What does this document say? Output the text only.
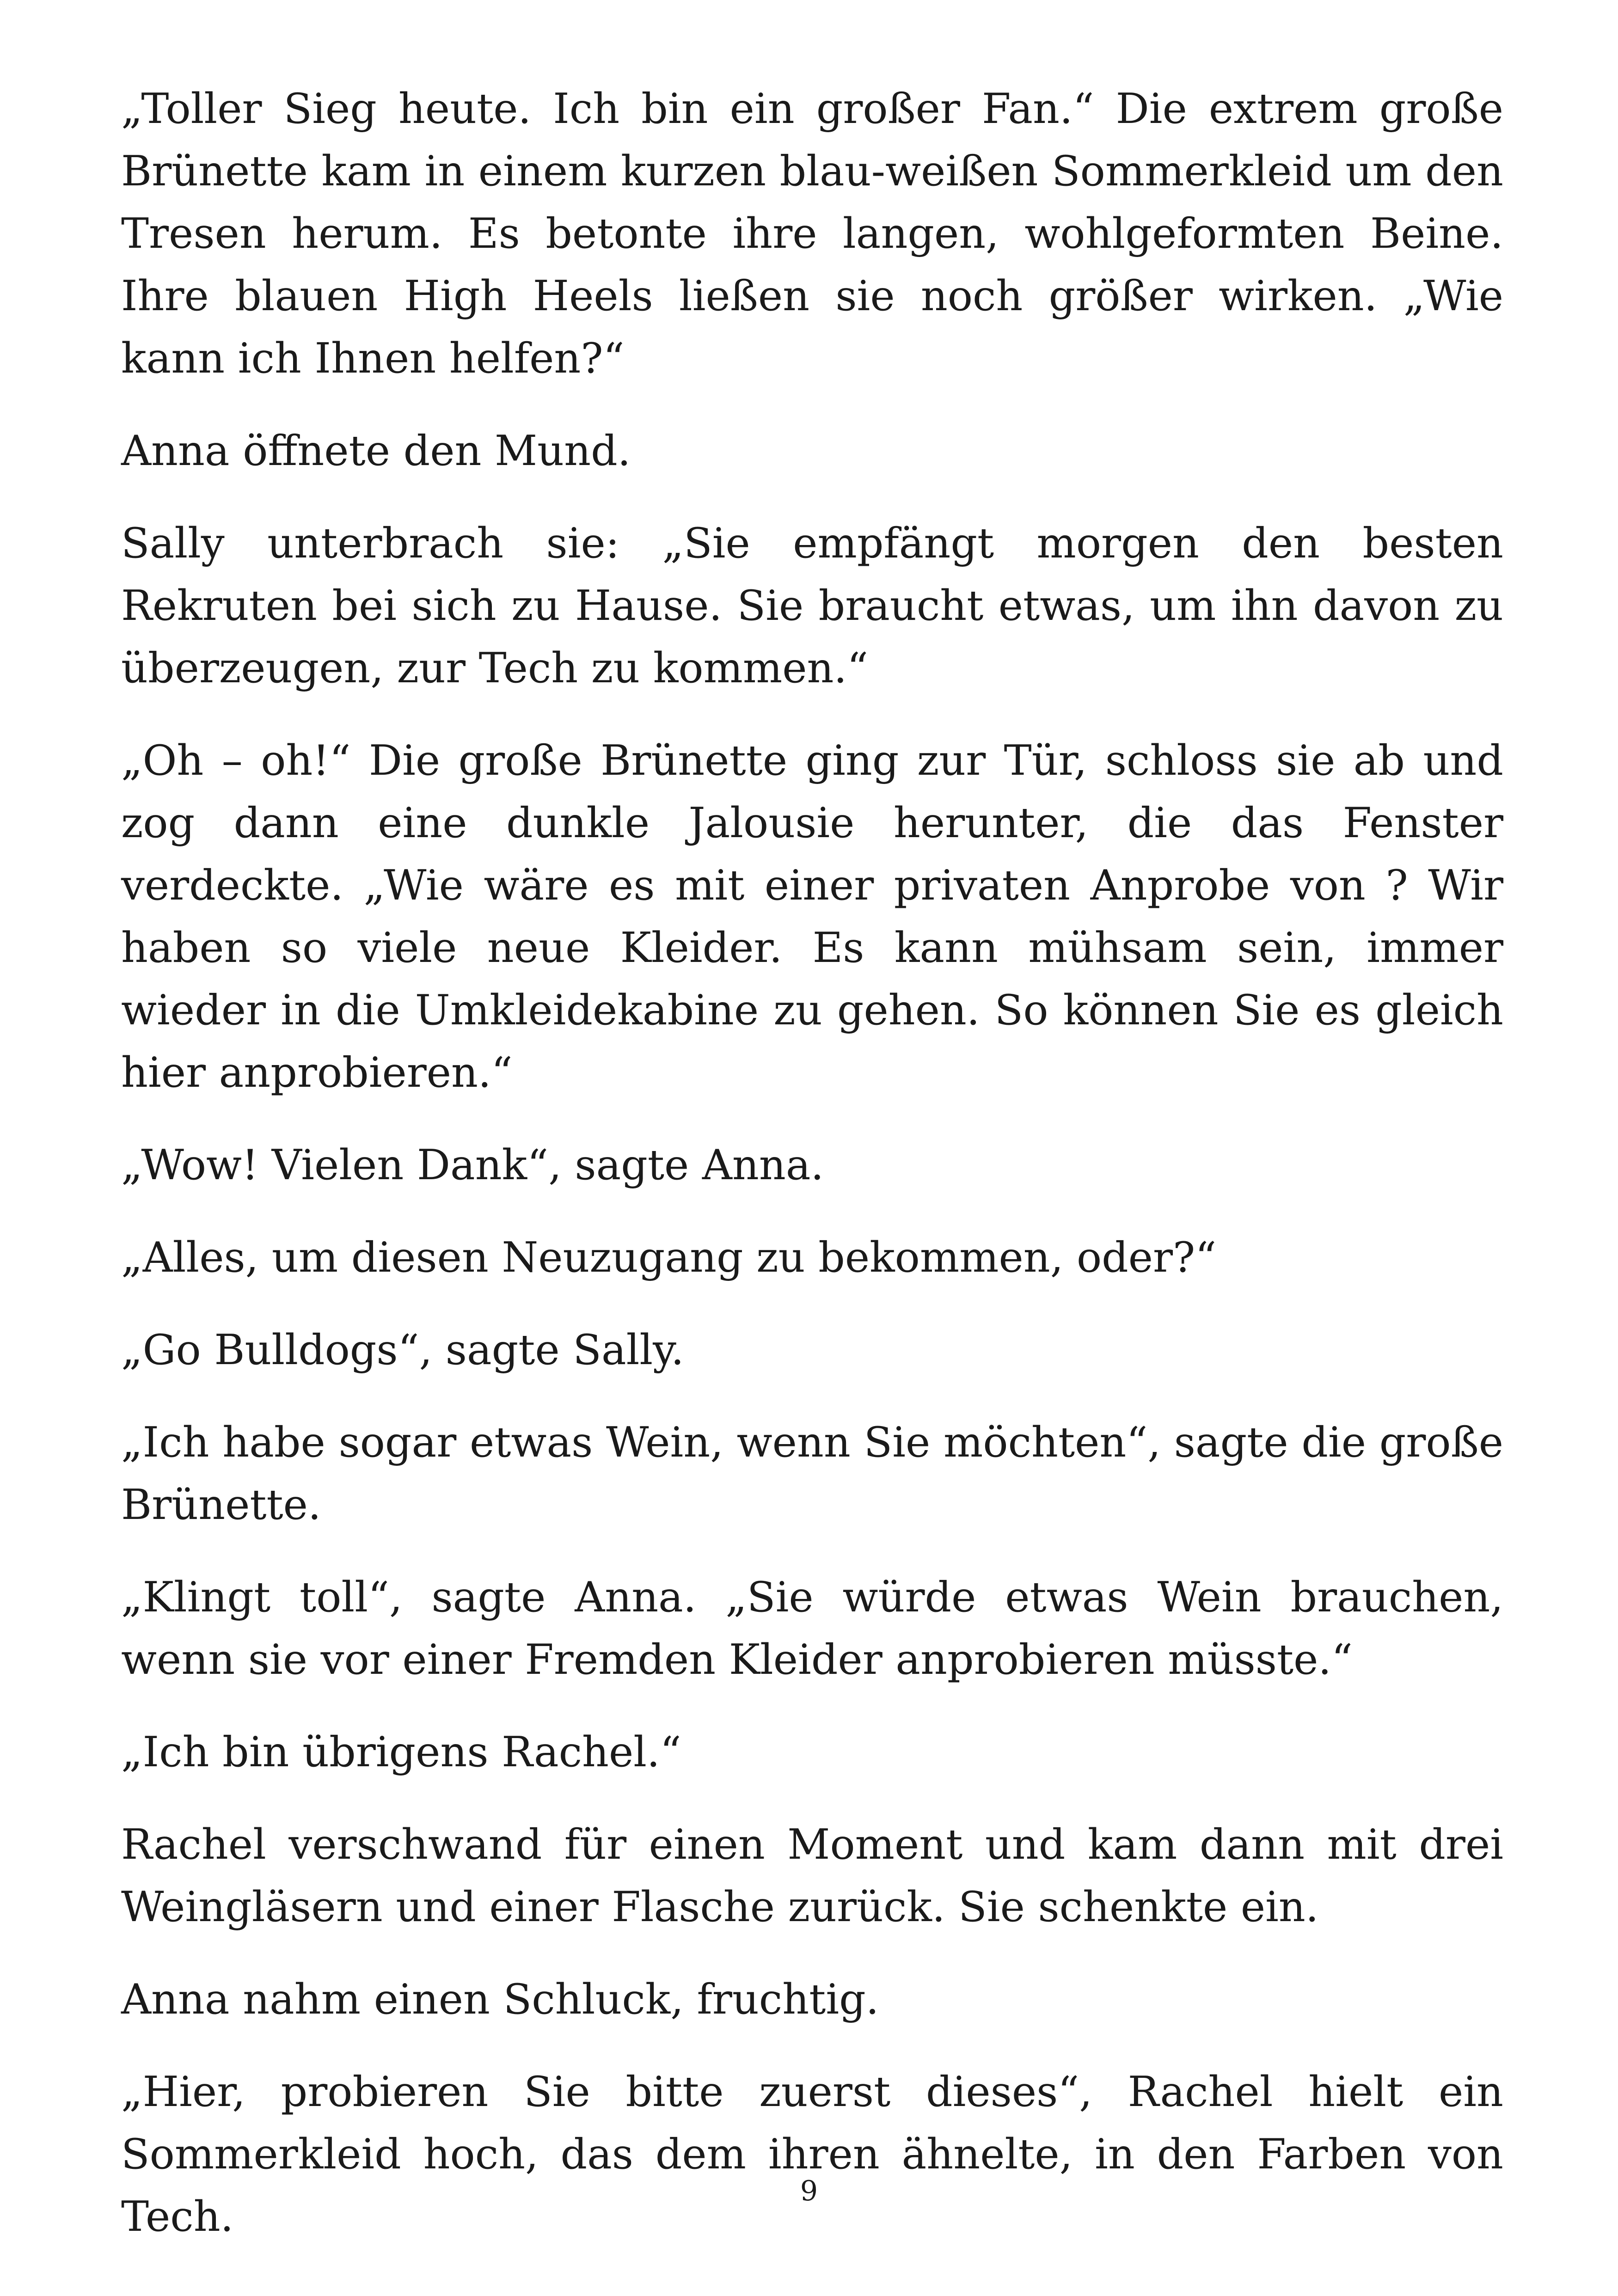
„Toller Sieg heute. Ich bin ein großer Fan.“ Die extrem große Brünette kam in einem kurzen blau-weißen Sommerkleid um den Tresen herum. Es betonte ihre langen, wohlgeformten Beine. Ihre blauen High Heels ließen sie noch größer wirken. „Wie kann ich Ihnen helfen?“

Anna öffnete den Mund.

Sally unterbrach sie: „Sie empfängt morgen den besten Rekruten bei sich zu Hause. Sie braucht etwas, um ihn davon zu überzeugen, zur Tech zu kommen.“

„Oh – oh!“ Die große Brünette ging zur Tür, schloss sie ab und zog dann eine dunkle Jalousie herunter, die das Fenster verdeckte. „Wie wäre es mit einer privaten Anprobe von ? Wir haben so viele neue Kleider. Es kann mühsam sein, immer wieder in die Umkleidekabine zu gehen. So können Sie es gleich hier anprobieren.“

„Wow! Vielen Dank“, sagte Anna.

„Alles, um diesen Neuzugang zu bekommen, oder?“

„Go Bulldogs“, sagte Sally.

„Ich habe sogar etwas Wein, wenn Sie möchten“, sagte die große Brünette.

„Klingt toll“, sagte Anna. „Sie würde etwas Wein brauchen, wenn sie vor einer Fremden Kleider anprobieren müsste.“

„Ich bin übrigens Rachel.“

Rachel verschwand für einen Moment und kam dann mit drei Weingläsern und einer Flasche zurück. Sie schenkte ein.

Anna nahm einen Schluck, fruchtig.

„Hier, probieren Sie bitte zuerst dieses“, Rachel hielt ein Sommerkleid hoch, das dem ihren ähnelte, in den Farben von Tech.

9
